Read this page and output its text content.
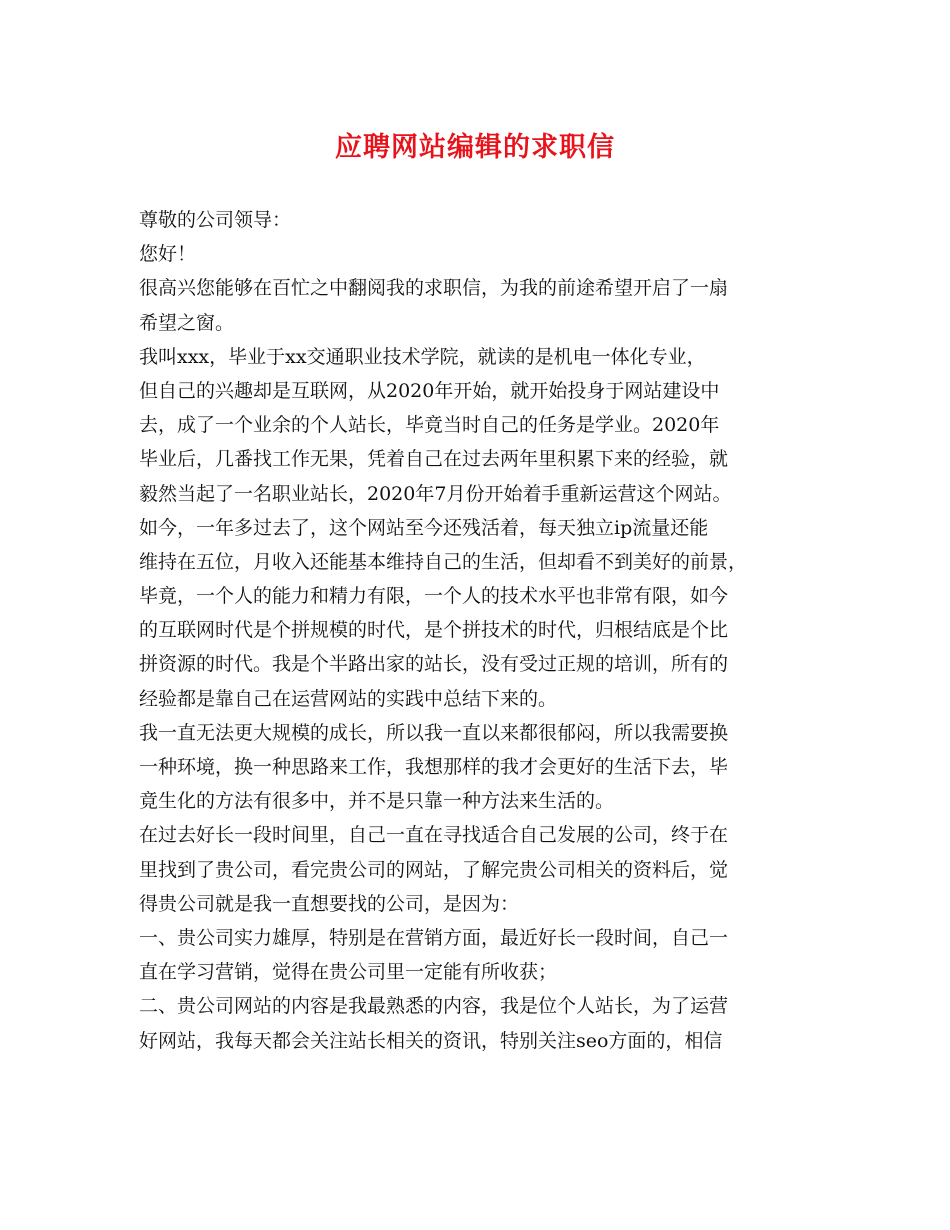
应聘网站编辑的求职信
尊敬的公司领导：
您好！
很高兴您能够在百忙之中翻阅我的求职信，为我的前途希望开启了一扇
希望之窗。
我叫xxx，毕业于xx交通职业技术学院，就读的是机电一体化专业，
但自己的兴趣却是互联网，从2020年开始，就开始投身于网站建设中
去，成了一个业余的个人站长，毕竟当时自己的任务是学业。2020年
毕业后，几番找工作无果，凭着自己在过去两年里积累下来的经验，就
毅然当起了一名职业站长，2020年7月份开始着手重新运营这个网站。
如今，一年多过去了，这个网站至今还残活着，每天独立ip流量还能
维持在五位，月收入还能基本维持自己的生活，但却看不到美好的前景，
毕竟，一个人的能力和精力有限，一个人的技术水平也非常有限，如今
的互联网时代是个拼规模的时代，是个拼技术的时代，归根结底是个比
拼资源的时代。我是个半路出家的站长，没有受过正规的培训，所有的
经验都是靠自己在运营网站的实践中总结下来的。
我一直无法更大规模的成长，所以我一直以来都很郁闷，所以我需要换
一种环境，换一种思路来工作，我想那样的我才会更好的生活下去，毕
竟生化的方法有很多中，并不是只靠一种方法来生活的。
在过去好长一段时间里，自己一直在寻找适合自己发展的公司，终于在
里找到了贵公司，看完贵公司的网站，了解完贵公司相关的资料后，觉
得贵公司就是我一直想要找的公司，是因为：
一、贵公司实力雄厚，特别是在营销方面，最近好长一段时间，自己一
直在学习营销，觉得在贵公司里一定能有所收获；
二、贵公司网站的内容是我最熟悉的内容，我是位个人站长，为了运营
好网站，我每天都会关注站长相关的资讯，特别关注seo方面的，相信
